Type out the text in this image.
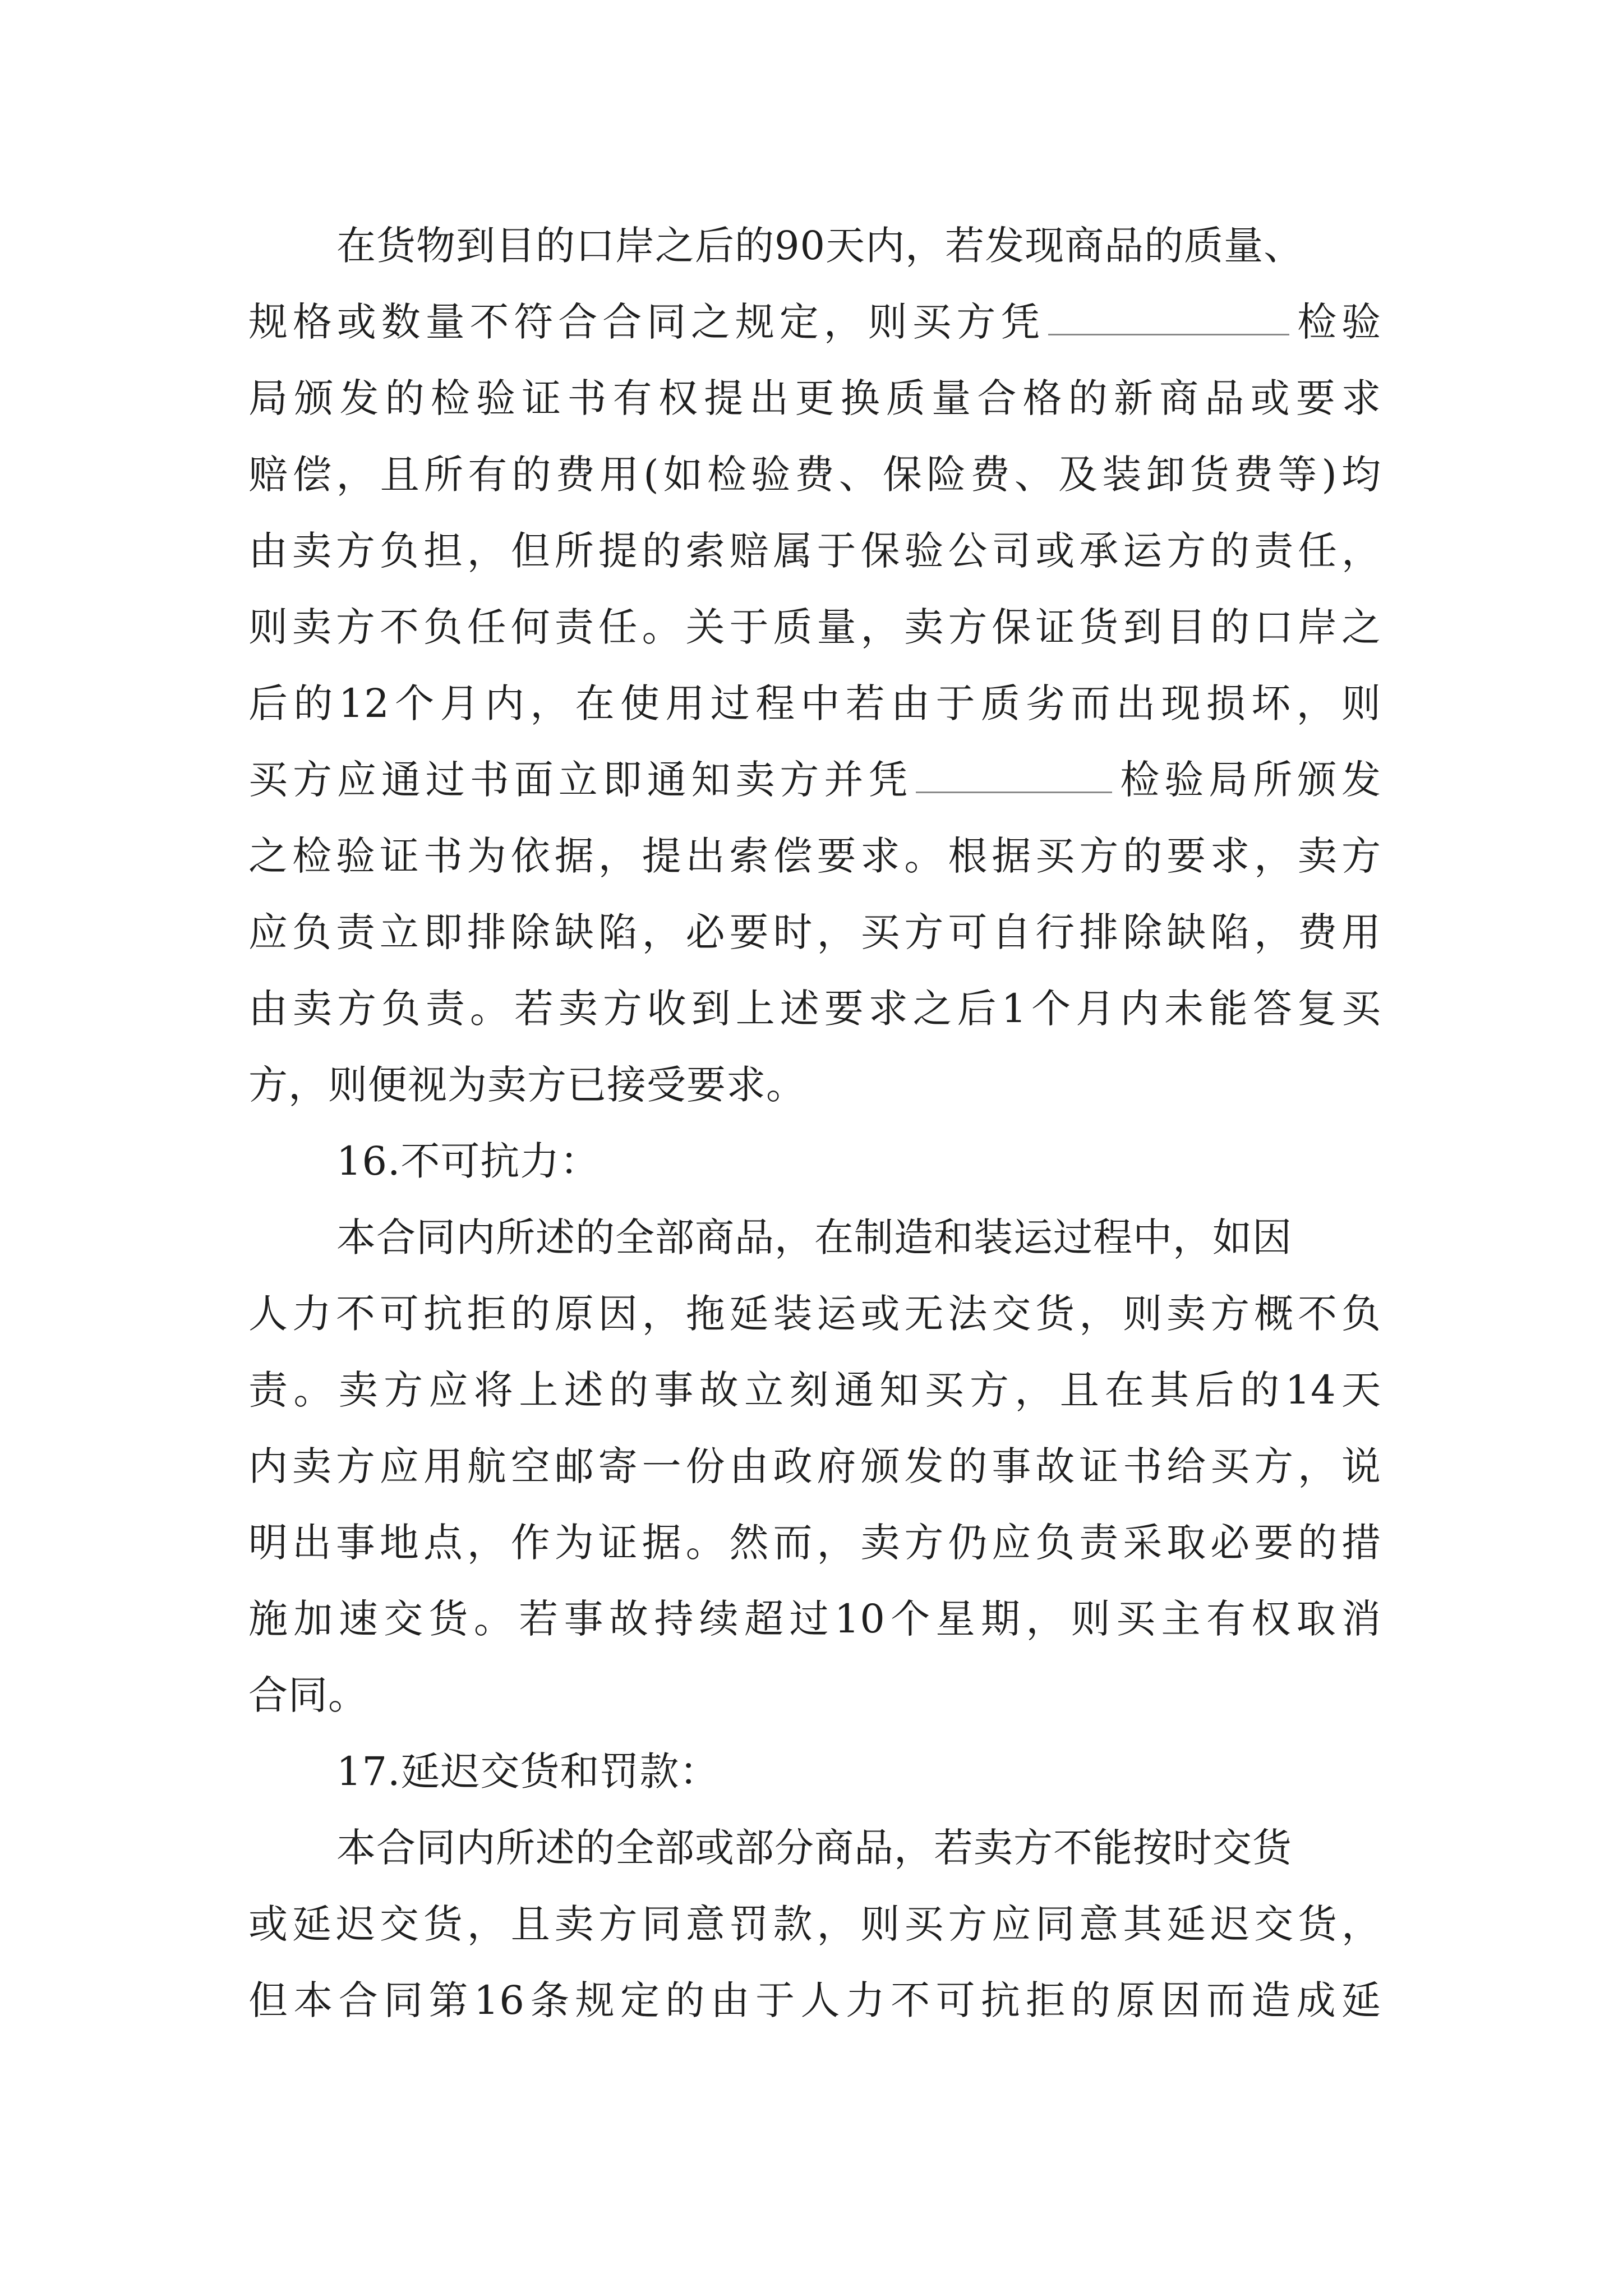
在货物到目的口岸之后的90天内，若发现商品的质量、
规格或数量不符合合同之规定，则买方凭	检验
局颁发的检验证书有权提出更换质量合格的新商品或要求
赔偿，且所有的费用(如检验费、保险费、及装卸货费等)均
由卖方负担，但所提的索赔属于保验公司或承运方的责任，
则卖方不负任何责任。关于质量，卖方保证货到目的口岸之
后的12个月内，在使用过程中若由于质劣而出现损坏，则
买方应通过书面立即通知卖方并凭	检验局所颁发
之检验证书为依据，提出索偿要求。根据买方的要求，卖方
应负责立即排除缺陷，必要时，买方可自行排除缺陷，费用
由卖方负责。若卖方收到上述要求之后1个月内未能答复买
方，则便视为卖方已接受要求。
16.不可抗力：
本合同内所述的全部商品，在制造和装运过程中，如因
人力不可抗拒的原因，拖延装运或无法交货，则卖方概不负
责。卖方应将上述的事故立刻通知买方，且在其后的14天
内卖方应用航空邮寄一份由政府颁发的事故证书给买方，说
明出事地点，作为证据。然而，卖方仍应负责采取必要的措
施加速交货。若事故持续超过10个星期，则买主有权取消
合同。
17.延迟交货和罚款：
本合同内所述的全部或部分商品，若卖方不能按时交货
或延迟交货，且卖方同意罚款，则买方应同意其延迟交货，
但本合同第16条规定的由于人力不可抗拒的原因而造成延
